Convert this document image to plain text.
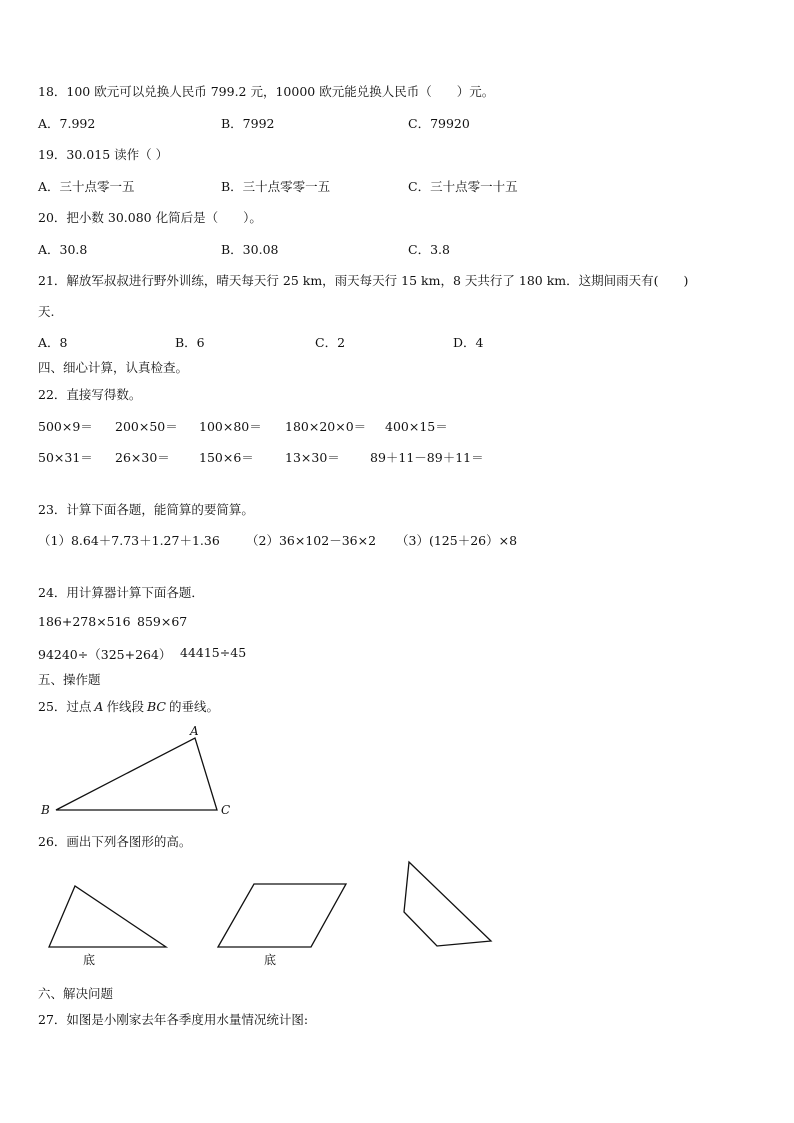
18．100 欧元可以兑换人民币 799.2 元，10000 欧元能兑换人民币（　　）元。
A．7.992	B．7992	C．79920
19．30.015 读作（ ）
A．三十点零一五	B．三十点零零一五	C．三十点零一十五
20．把小数 30.080 化简后是（　　）。
A．30.8	B．30.08	C．3.8
21．解放军叔叔进行野外训练，晴天每天行 25 km，雨天每天行 15 km，8 天共行了 180 km．这期间雨天有(　　)
天.
A．8	B．6	C．2	D．4
四、细心计算，认真检查。
22．直接写得数。
500×9＝ 200×50＝ 100×80＝ 180×20×0＝ 400×15＝
50×31＝ 26×30＝ 150×6＝ 13×30＝ 89＋11－89＋11＝
23．计算下面各题，能简算的要简算。
（1）8.64＋7.73＋1.27＋1.36 （2）36×102－36×2 （3）(125＋26）×8
24．用计算器计算下面各题．
186+278×516 859×67
94240÷（325+264） 44415÷45
五、操作题
25．过点 A 作线段 BC 的垂线。
A
B	C
26．画出下列各图形的高。
底	底
六、解决问题
27．如图是小刚家去年各季度用水量情况统计图:
